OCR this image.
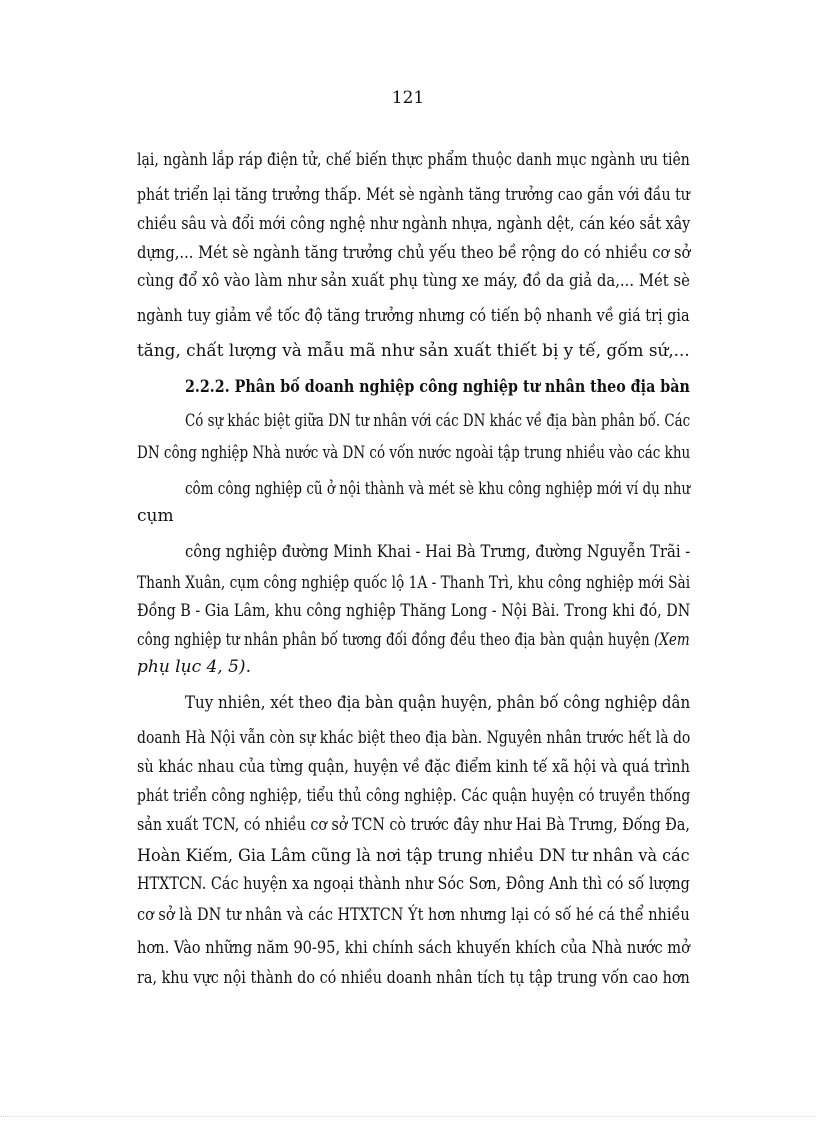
121
lại, ngành lắp ráp điện tử, chế biến thực phẩm thuộc danh mục ngành ưu tiên
phát triển lại tăng trưởng thấp. Mét sè ngành tăng trưởng cao gắn với đầu tư
chiều sâu và đổi mới công nghệ như ngành nhựa, ngành dệt, cán kéo sắt xây
dựng,... Mét sè ngành tăng trưởng chủ yếu theo bề rộng do có nhiều cơ sở
cùng đổ xô vào làm như sản xuất phụ tùng xe máy, đồ da giả da,... Mét sè
ngành tuy giảm về tốc độ tăng trưởng nhưng có tiến bộ nhanh về giá trị gia
tăng, chất lượng và mẫu mã như sản xuất thiết bị y tế, gốm sứ,...
2.2.2. Phân bố doanh nghiệp công nghiệp tư nhân theo địa bàn
Có sự khác biệt giữa DN tư nhân với các DN khác về địa bàn phân bố. Các
DN công nghiệp Nhà nước và DN có vốn nước ngoài tập trung nhiều vào các khu
côm công nghiệp cũ ở nội thành và mét sè khu công nghiệp mới ví dụ như
cụm
công nghiệp đường Minh Khai - Hai Bà Trưng, đường Nguyễn Trãi -
Thanh Xuân, cụm công nghiệp quốc lộ 1A - Thanh Trì, khu công nghiệp mới Sài
Đồng B - Gia Lâm, khu công nghiệp Thăng Long - Nội Bài. Trong khi đó, DN
công nghiệp tư nhân phân bố tương đối đồng đều theo địa bàn quận huyện (Xem
phụ lục 4, 5).
Tuy nhiên, xét theo địa bàn quận huyện, phân bố công nghiệp dân
doanh Hà Nội vẫn còn sự khác biệt theo địa bàn. Nguyên nhân trước hết là do
sù khác nhau của từng quận, huyện về đặc điểm kinh tế xã hội và quá trình
phát triển công nghiệp, tiểu thủ công nghiệp. Các quận huyện có truyền thống
sản xuất TCN, có nhiều cơ sở TCN cò trước đây như Hai Bà Trưng, Đống Đa,
Hoàn Kiếm, Gia Lâm cũng là nơi tập trung nhiều DN tư nhân và các
HTXTCN. Các huyện xa ngoại thành như Sóc Sơn, Đông Anh thì có số lượng
cơ sở là DN tư nhân và các HTXTCN Ýt hơn nhưng lại có số hé cá thể nhiều
hơn. Vào những năm 90-95, khi chính sách khuyến khích của Nhà nước mở
ra, khu vực nội thành do có nhiều doanh nhân tích tụ tập trung vốn cao hơn
